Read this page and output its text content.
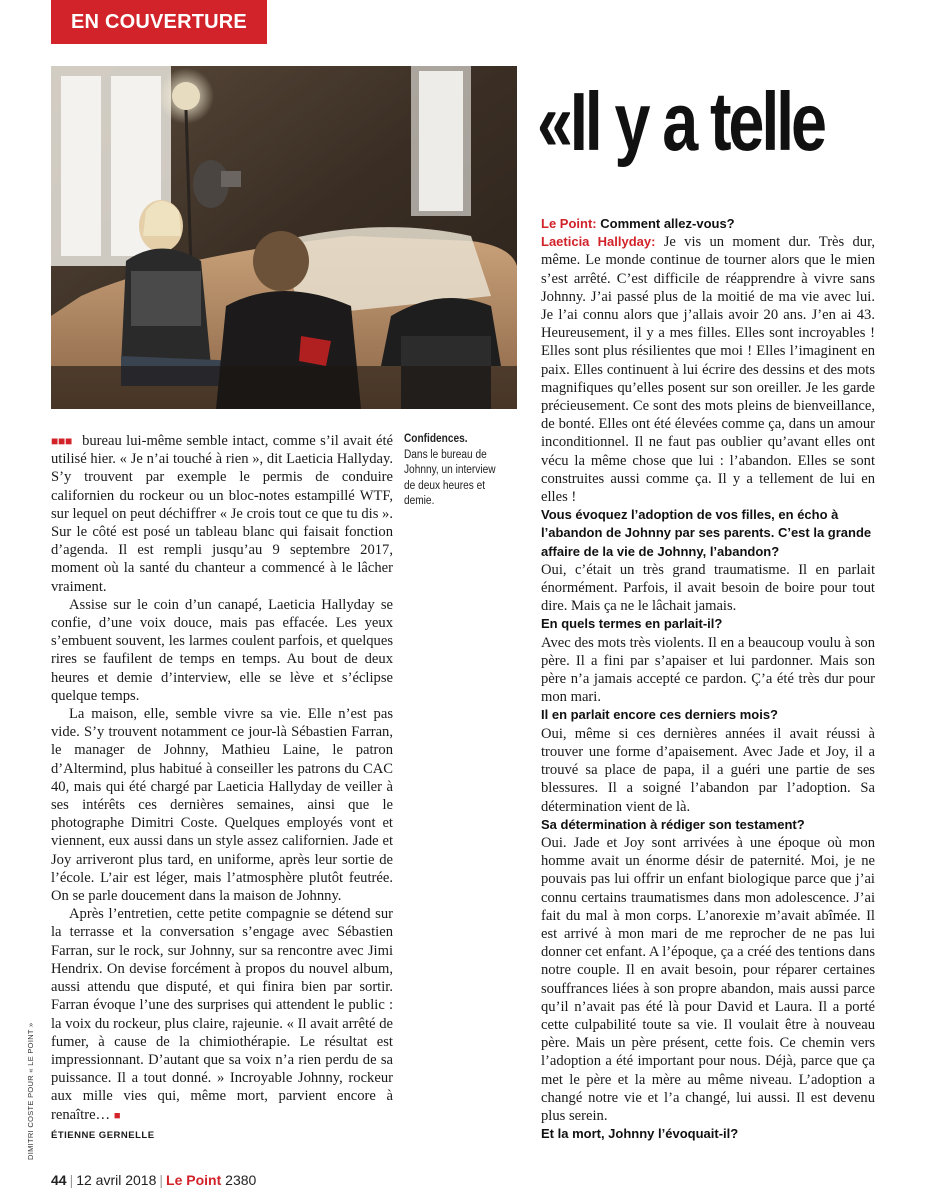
EN COUVERTURE
«Il y a telle

■■■ bureau lui-même semble intact, comme s’il avait été utilisé hier. « Je n’ai touché à rien », dit Laeticia Hallyday. S’y trouvent par exemple le permis de conduire californien du rockeur ou un bloc-notes estampillé WTF, sur lequel on peut déchiffrer « Je crois tout ce que tu dis ». Sur le côté est posé un tableau blanc qui faisait fonction d’agenda. Il est rempli jusqu’au 9 septembre 2017, moment où la santé du chanteur a commencé à le lâcher vraiment.

Assise sur le coin d’un canapé, Laeticia Hallyday se confie, d’une voix douce, mais pas effacée. Les yeux s’embuent souvent, les larmes coulent parfois, et quelques rires se faufilent de temps en temps. Au bout de deux heures et demie d’interview, elle se lève et s’éclipse quelque temps.

La maison, elle, semble vivre sa vie. Elle n’est pas vide. S’y trouvent notamment ce jour-là Sébastien Farran, le manager de Johnny, Mathieu Laine, le patron d’Altermind, plus habitué à conseiller les patrons du CAC 40, mais qui été chargé par Laeticia Hallyday de veiller à ses intérêts ces dernières semaines, ainsi que le photographe Dimitri Coste. Quelques employés vont et viennent, eux aussi dans un style assez californien. Jade et Joy arriveront plus tard, en uniforme, après leur sortie de l’école. L’air est léger, mais l’atmosphère plutôt feutrée. On se parle doucement dans la maison de Johnny.

Après l’entretien, cette petite compagnie se détend sur la terrasse et la conversation s’engage avec Sébastien Farran, sur le rock, sur Johnny, sur sa rencontre avec Jimi Hendrix. On devise forcément à propos du nouvel album, aussi attendu que disputé, et qui finira bien par sortir. Farran évoque l’une des surprises qui attendent le public : la voix du rockeur, plus claire, rajeunie. « Il avait arrêté de fumer, à cause de la chimiothérapie. Le résultat est impressionnant. D’autant que sa voix n’a rien perdu de sa puissance. Il a tout donné. » Incroyable Johnny, rockeur aux mille vies qui, même mort, parvient encore à renaître… ■

ÉTIENNE GERNELLE
Confidences.
Dans le bureau de Johnny, un interview de deux heures et demie.
DIMITRI COSTE POUR « LE POINT »

Le Point: Comment allez-vous?

Laeticia Hallyday: Je vis un moment dur. Très dur, même. Le monde continue de tourner alors que le mien s’est arrêté. C’est difficile de réapprendre à vivre sans Johnny. J’ai passé plus de la moitié de ma vie avec lui. Je l’ai connu alors que j’allais avoir 20 ans. J’en ai 43. Heureusement, il y a mes filles. Elles sont incroyables ! Elles sont plus résilientes que moi ! Elles l’imaginent en paix. Elles continuent à lui écrire des dessins et des mots magnifiques qu’elles posent sur son oreiller. Je les garde précieusement. Ce sont des mots pleins de bienveillance, de bonté. Elles ont été élevées comme ça, dans un amour inconditionnel. Il ne faut pas oublier qu’avant elles ont vécu la même chose que lui : l’abandon. Elles se sont construites aussi comme ça. Il y a tellement de lui en elles !

Vous évoquez l’adoption de vos filles, en écho à l’abandon de Johnny par ses parents. C’est la grande affaire de la vie de Johnny, l’abandon?

Oui, c’était un très grand traumatisme. Il en parlait énormément. Parfois, il avait besoin de boire pour tout dire. Mais ça ne le lâchait jamais.

En quels termes en parlait-il?

Avec des mots très violents. Il en a beaucoup voulu à son père. Il a fini par s’apaiser et lui pardonner. Mais son père n’a jamais accepté ce pardon. Ç’a été très dur pour mon mari.

Il en parlait encore ces derniers mois?

Oui, même si ces dernières années il avait réussi à trouver une forme d’apaisement. Avec Jade et Joy, il a trouvé sa place de papa, il a guéri une partie de ses blessures. Il a soigné l’abandon par l’adoption. Sa détermination vient de là.

Sa détermination à rédiger son testament?

Oui. Jade et Joy sont arrivées à une époque où mon homme avait un énorme désir de paternité. Moi, je ne pouvais pas lui offrir un enfant biologique parce que j’ai connu certains traumatismes dans mon adolescence. J’ai fait du mal à mon corps. L’anorexie m’avait abîmée. Il est arrivé à mon mari de me reprocher de ne pas lui donner cet enfant. A l’époque, ça a créé des tentions dans notre couple. Il en avait besoin, pour réparer certaines souffrances liées à son propre abandon, mais aussi parce qu’il n’avait pas été là pour David et Laura. Il a porté cette culpabilité toute sa vie. Il voulait être à nouveau père. Mais un père présent, cette fois. Ce chemin vers l’adoption a été important pour nous. Déjà, parce que ça met le père et la mère au même niveau. L’adoption a changé notre vie et l’a changé, lui aussi. Il est devenu plus serein.

Et la mort, Johnny l’évoquait-il?

44 | 12 avril 2018 | Le Point 2380
